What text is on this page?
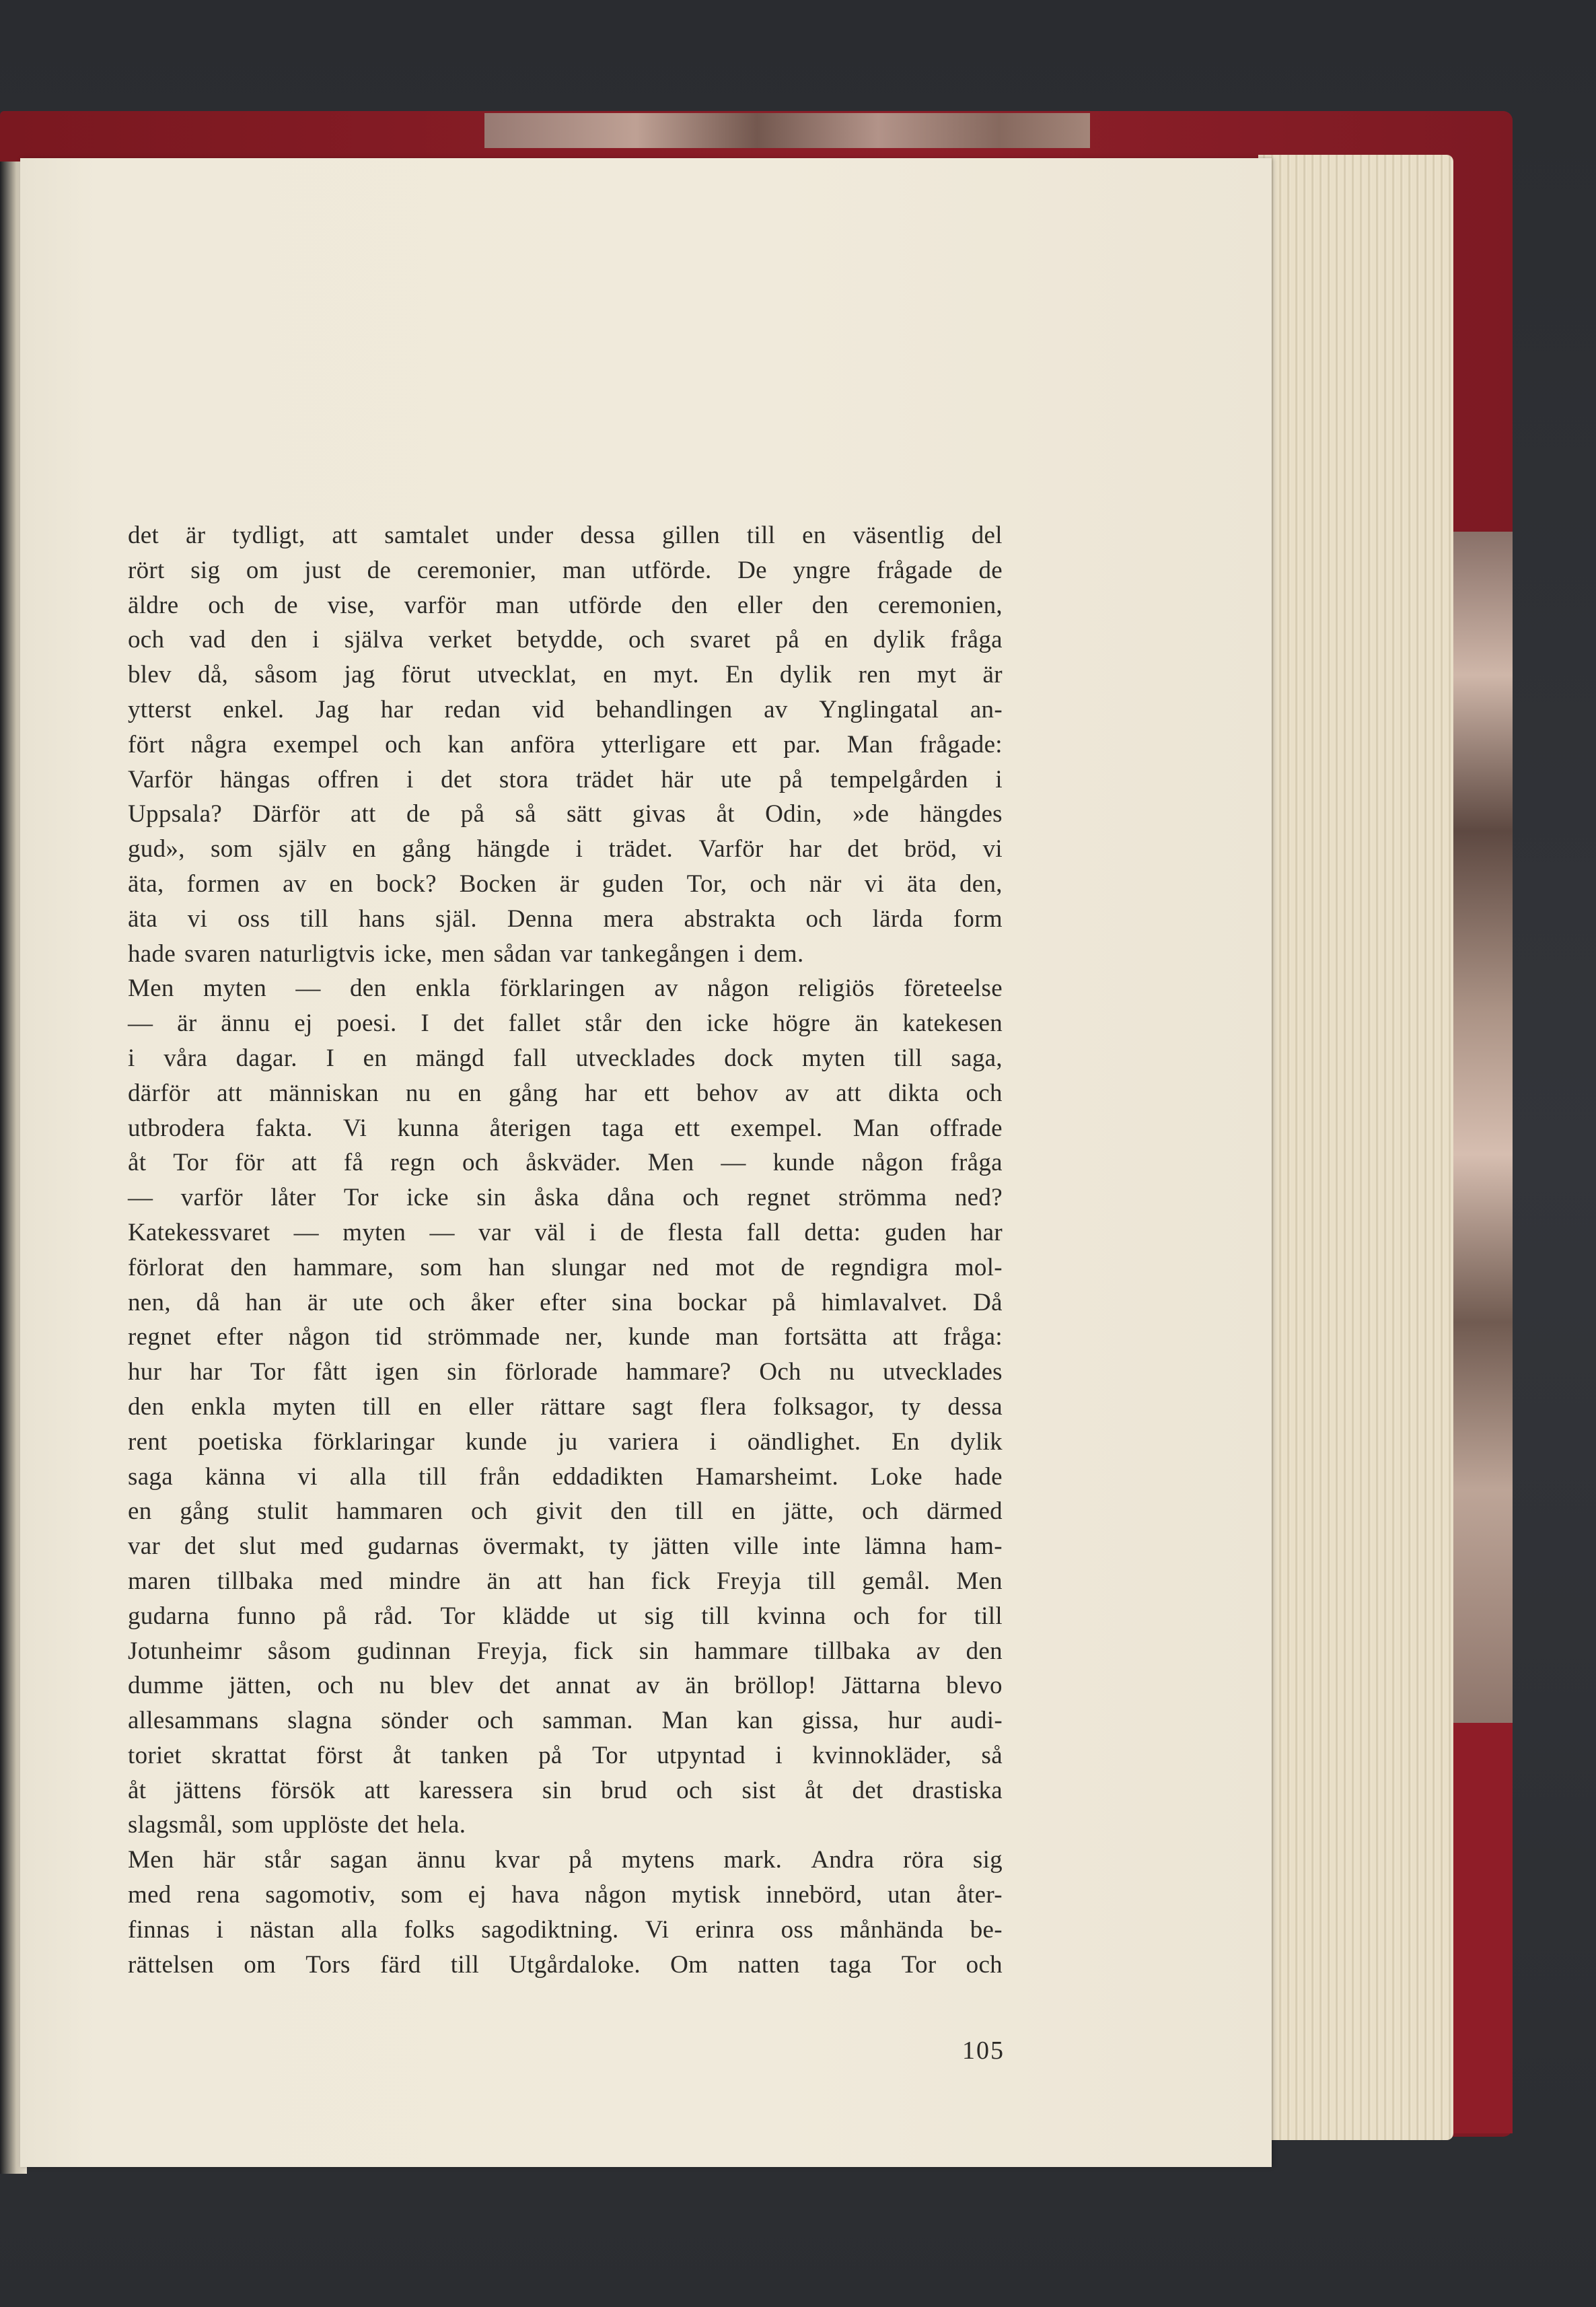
det är tydligt, att samtalet under dessa gillen till en väsentlig del
rört sig om just de ceremonier, man utförde. De yngre frågade de
äldre och de vise, varför man utförde den eller den ceremonien,
och vad den i själva verket betydde, och svaret på en dylik fråga
blev då, såsom jag förut utvecklat, en myt. En dylik ren myt är
ytterst enkel. Jag har redan vid behandlingen av Ynglingatal an-
fört några exempel och kan anföra ytterligare ett par. Man frågade:
Varför hängas offren i det stora trädet här ute på tempelgården i
Uppsala? Därför att de på så sätt givas åt Odin, »de hängdes
gud», som själv en gång hängde i trädet. Varför har det bröd, vi
äta, formen av en bock? Bocken är guden Tor, och när vi äta den,
äta vi oss till hans själ. Denna mera abstrakta och lärda form
hade svaren naturligtvis icke, men sådan var tankegången i dem.
Men myten — den enkla förklaringen av någon religiös företeelse
— är ännu ej poesi. I det fallet står den icke högre än katekesen
i våra dagar. I en mängd fall utvecklades dock myten till saga,
därför att människan nu en gång har ett behov av att dikta och
utbrodera fakta. Vi kunna återigen taga ett exempel. Man offrade
åt Tor för att få regn och åskväder. Men — kunde någon fråga
— varför låter Tor icke sin åska dåna och regnet strömma ned?
Katekessvaret — myten — var väl i de flesta fall detta: guden har
förlorat den hammare, som han slungar ned mot de regndigra mol-
nen, då han är ute och åker efter sina bockar på himlavalvet. Då
regnet efter någon tid strömmade ner, kunde man fortsätta att fråga:
hur har Tor fått igen sin förlorade hammare? Och nu utvecklades
den enkla myten till en eller rättare sagt flera folksagor, ty dessa
rent poetiska förklaringar kunde ju variera i oändlighet. En dylik
saga känna vi alla till från eddadikten Hamarsheimt. Loke hade
en gång stulit hammaren och givit den till en jätte, och därmed
var det slut med gudarnas övermakt, ty jätten ville inte lämna ham-
maren tillbaka med mindre än att han fick Freyja till gemål. Men
gudarna funno på råd. Tor klädde ut sig till kvinna och for till
Jotunheimr såsom gudinnan Freyja, fick sin hammare tillbaka av den
dumme jätten, och nu blev det annat av än bröllop! Jättarna blevo
allesammans slagna sönder och samman. Man kan gissa, hur audi-
toriet skrattat först åt tanken på Tor utpyntad i kvinnokläder, så
åt jättens försök att karessera sin brud och sist åt det drastiska
slagsmål, som upplöste det hela.
Men här står sagan ännu kvar på mytens mark. Andra röra sig
med rena sagomotiv, som ej hava någon mytisk innebörd, utan åter-
finnas i nästan alla folks sagodiktning. Vi erinra oss månhända be-
rättelsen om Tors färd till Utgårdaloke. Om natten taga Tor och
105
